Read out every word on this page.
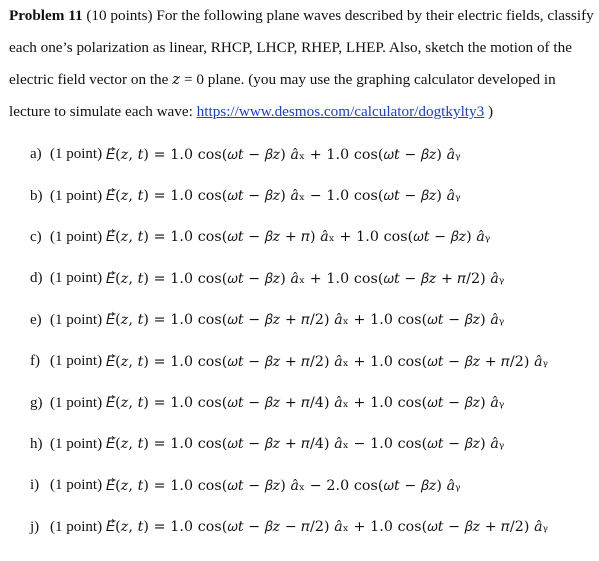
Problem 11 (10 points) For the following plane waves described by their electric fields, classify
each one’s polarization as linear, RHCP, LHCP, RHEP, LHEP. Also, sketch the motion of the
electric field vector on the 𝑧 = 0 plane. (you may use the graphing calculator developed in
lecture to simulate each wave: https://www.desmos.com/calculator/dogtkylty3 )
a) (1 point) 𝐸⃗(𝑧, 𝑡) = 1.0 cos(𝜔𝑡 − 𝛽𝑧) 𝑎̂ₓ + 1.0 cos(𝜔𝑡 − 𝛽𝑧) 𝑎̂ᵧ
b) (1 point) 𝐸⃗(𝑧, 𝑡) = 1.0 cos(𝜔𝑡 − 𝛽𝑧) 𝑎̂ₓ − 1.0 cos(𝜔𝑡 − 𝛽𝑧) 𝑎̂ᵧ
c) (1 point) 𝐸⃗(𝑧, 𝑡) = 1.0 cos(𝜔𝑡 − 𝛽𝑧 + 𝜋) 𝑎̂ₓ + 1.0 cos(𝜔𝑡 − 𝛽𝑧) 𝑎̂ᵧ
d) (1 point) 𝐸⃗(𝑧, 𝑡) = 1.0 cos(𝜔𝑡 − 𝛽𝑧) 𝑎̂ₓ + 1.0 cos(𝜔𝑡 − 𝛽𝑧 + 𝜋/2) 𝑎̂ᵧ
e) (1 point) 𝐸⃗(𝑧, 𝑡) = 1.0 cos(𝜔𝑡 − 𝛽𝑧 + 𝜋/2) 𝑎̂ₓ + 1.0 cos(𝜔𝑡 − 𝛽𝑧) 𝑎̂ᵧ
f) (1 point) 𝐸⃗(𝑧, 𝑡) = 1.0 cos(𝜔𝑡 − 𝛽𝑧 + 𝜋/2) 𝑎̂ₓ + 1.0 cos(𝜔𝑡 − 𝛽𝑧 + 𝜋/2) 𝑎̂ᵧ
g) (1 point) 𝐸⃗(𝑧, 𝑡) = 1.0 cos(𝜔𝑡 − 𝛽𝑧 + 𝜋/4) 𝑎̂ₓ + 1.0 cos(𝜔𝑡 − 𝛽𝑧) 𝑎̂ᵧ
h) (1 point) 𝐸⃗(𝑧, 𝑡) = 1.0 cos(𝜔𝑡 − 𝛽𝑧 + 𝜋/4) 𝑎̂ₓ − 1.0 cos(𝜔𝑡 − 𝛽𝑧) 𝑎̂ᵧ
i) (1 point) 𝐸⃗(𝑧, 𝑡) = 1.0 cos(𝜔𝑡 − 𝛽𝑧) 𝑎̂ₓ − 2.0 cos(𝜔𝑡 − 𝛽𝑧) 𝑎̂ᵧ
j) (1 point) 𝐸⃗(𝑧, 𝑡) = 1.0 cos(𝜔𝑡 − 𝛽𝑧 − 𝜋/2) 𝑎̂ₓ + 1.0 cos(𝜔𝑡 − 𝛽𝑧 + 𝜋/2) 𝑎̂ᵧ
